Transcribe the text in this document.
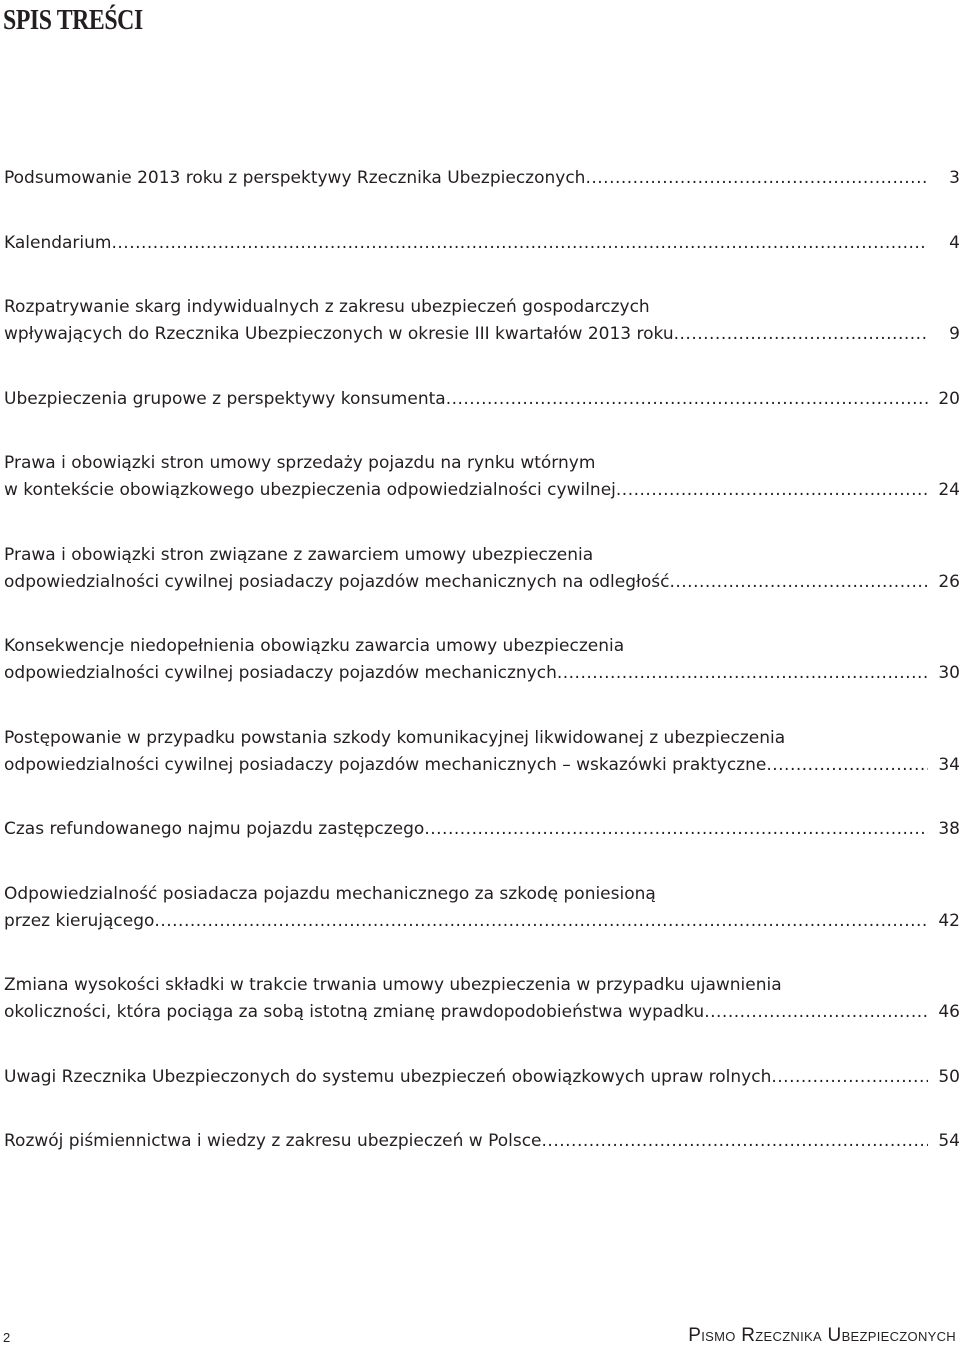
SPIS TREŚCI
Podsumowanie 2013 roku z perspektywy Rzecznika Ubezpieczonych .....	3
Kalendarium .....	4
Rozpatrywanie skarg indywidualnych z zakresu ubezpieczeń gospodarczych
wpływających do Rzecznika Ubezpieczonych w okresie III kwartałów 2013 roku .....	9
Ubezpieczenia grupowe z perspektywy konsumenta .....	20
Prawa i obowiązki stron umowy sprzedaży pojazdu na rynku wtórnym
w kontekście obowiązkowego ubezpieczenia odpowiedzialności cywilnej .....	24
Prawa i obowiązki stron związane z zawarciem umowy ubezpieczenia
odpowiedzialności cywilnej posiadaczy pojazdów mechanicznych na odległość .....	26
Konsekwencje niedopełnienia obowiązku zawarcia umowy ubezpieczenia
odpowiedzialności cywilnej posiadaczy pojazdów mechanicznych .....	30
Postępowanie w przypadku powstania szkody komunikacyjnej likwidowanej z ubezpieczenia
odpowiedzialności cywilnej posiadaczy pojazdów mechanicznych – wskazówki praktyczne .....	34
Czas refundowanego najmu pojazdu zastępczego .....	38
Odpowiedzialność posiadacza pojazdu mechanicznego za szkodę poniesioną
przez kierującego .....	42
Zmiana wysokości składki w trakcie trwania umowy ubezpieczenia w przypadku ujawnienia
okoliczności, która pociąga za sobą istotną zmianę prawdopodobieństwa wypadku .....	46
Uwagi Rzecznika Ubezpieczonych do systemu ubezpieczeń obowiązkowych upraw rolnych .....	50
Rozwój piśmiennictwa i wiedzy z zakresu ubezpieczeń w Polsce .....	54
2	Pismo Rzecznika Ubezpieczonych
